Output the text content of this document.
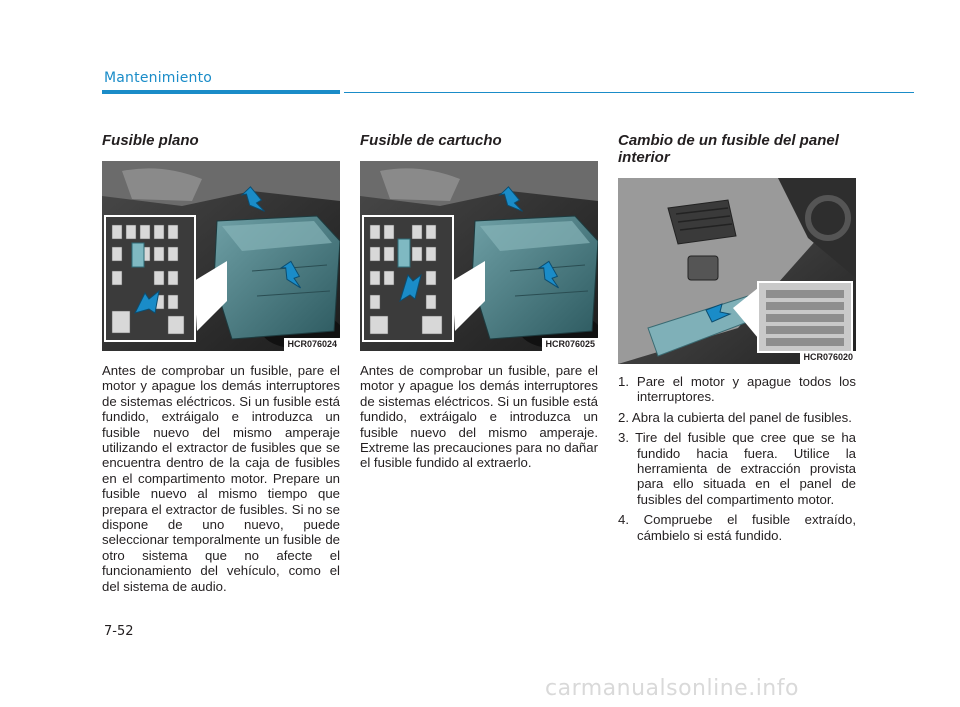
Mantenimiento
Fusible plano
HCR076024

Antes de comprobar un fusible, pare el motor y apague los demás interruptores de sistemas eléctricos. Si un fusible está fundido, extráigalo e introduzca un fusible nuevo del mismo amperaje utilizando el extractor de fusibles que se encuentra dentro de la caja de fusibles en el compartimento motor. Prepare un fusible nuevo al mismo tiempo que prepara el extractor de fusibles. Si no se dispone de uno nuevo, puede seleccionar temporalmente un fusible de otro sistema que no afecte el funcionamiento del vehículo, como el del sistema de audio.

Fusible de cartucho
HCR076025

Antes de comprobar un fusible, pare el motor y apague los demás interruptores de sistemas eléctricos. Si un fusible está fundido, extráigalo e introduzca un fusible nuevo del mismo amperaje. Extreme las precauciones para no dañar el fusible fundido al extraerlo.

Cambio de un fusible del panel interior
HCR076020
1. Pare el motor y apague todos los interruptores.
2. Abra la cubierta del panel de fusibles.
3. Tire del fusible que cree que se ha fundido hacia fuera. Utilice la herramienta de extracción provista para ello situada en el panel de fusibles del compartimento motor.
4. Compruebe el fusible extraído, cámbielo si está fundido.
7-52
carmanualsonline.info
